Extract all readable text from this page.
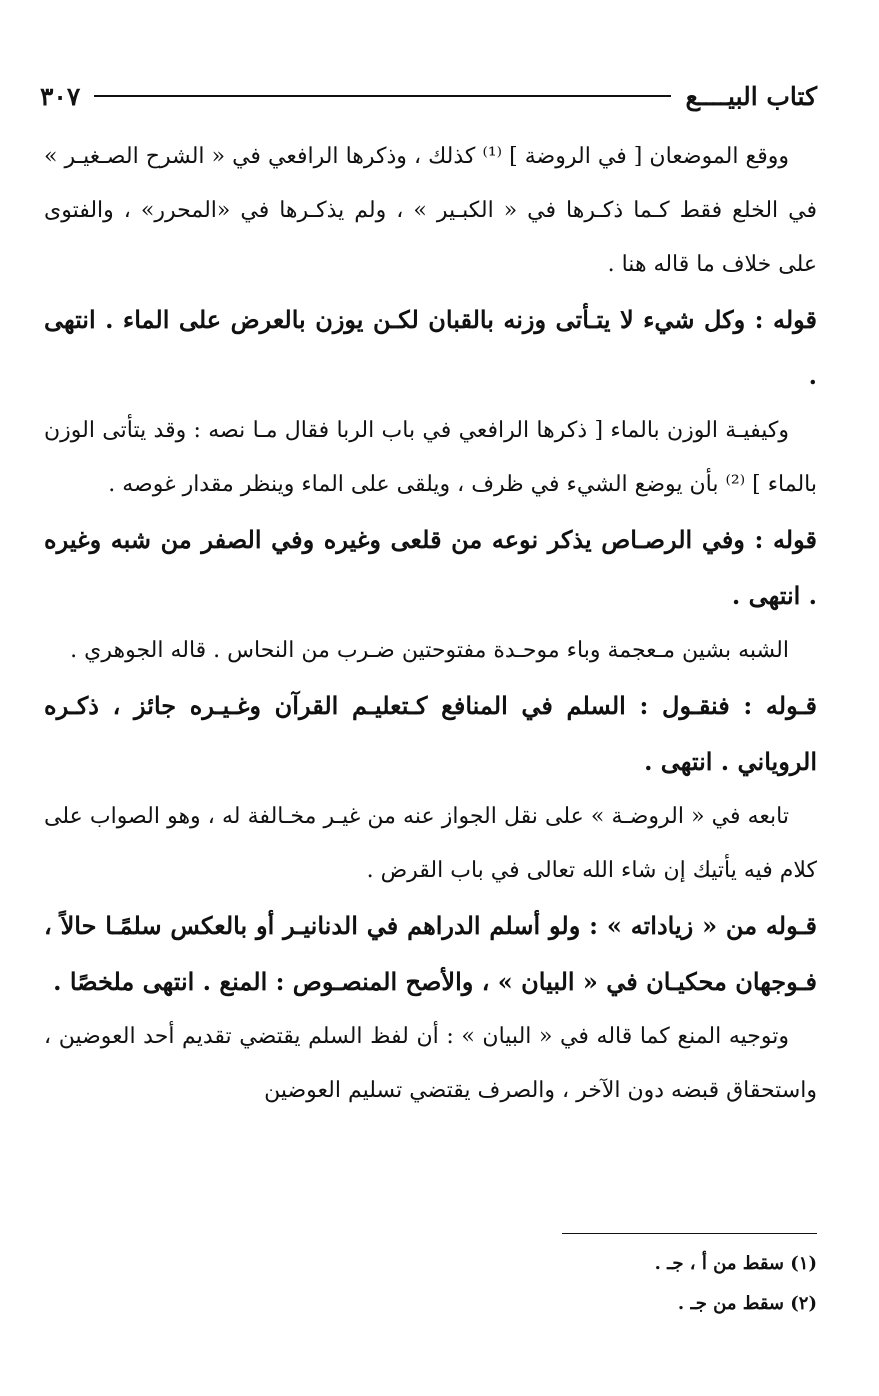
كتاب البيــــع
٣٠٧

ووقع الموضعان [ في الروضة ] ⁽¹⁾ كذلك ، وذكرها الرافعي في « الشرح الصـغيـر » في الخلع فقط كـما ذكـرها في « الكبـير » ، ولم يذكـرها في «المحرر» ، والفتوى على خلاف ما قاله هنا .

قوله : وكل شيء لا يتـأتى وزنه بالقبان لكـن يوزن بالعرض على الماء . انتهى .

وكيفيـة الوزن بالماء [ ذكرها الرافعي في باب الربا فقال مـا نصه : وقد يتأتى الوزن بالماء ] ⁽²⁾ بأن يوضع الشيء في ظرف ، ويلقى على الماء وينظر مقدار غوصه .

قوله : وفي الرصـاص يذكر نوعه من قلعى وغيره وفي الصفر من شبه وغيره . انتهى .

الشبه بشين مـعجمة وباء موحـدة مفتوحتين ضـرب من النحاس . قاله الجوهري .

قـوله : فنقـول : السلم في المنافع كـتعليـم القرآن وغـيـره جائز ، ذكـره الروياني . انتهى .

تابعه في « الروضـة » على نقل الجواز عنه من غيـر مخـالفة له ، وهو الصواب على كلام فيه يأتيك إن شاء الله تعالى في باب القرض .

قـوله من « زياداته » : ولو أسلم الدراهم في الدنانيـر أو بالعكس سلمًـا حالاً ، فـوجهان محكيـان في « البيان » ، والأصح المنصـوص : المنع . انتهى ملخصًا .

وتوجيه المنع كما قاله في « البيان » : أن لفظ السلم يقتضي تقديم أحد العوضين ، واستحقاق قبضه دون الآخر ، والصرف يقتضي تسليم العوضين

(١) سقط من أ ، جـ .

(٢) سقط من جـ .
